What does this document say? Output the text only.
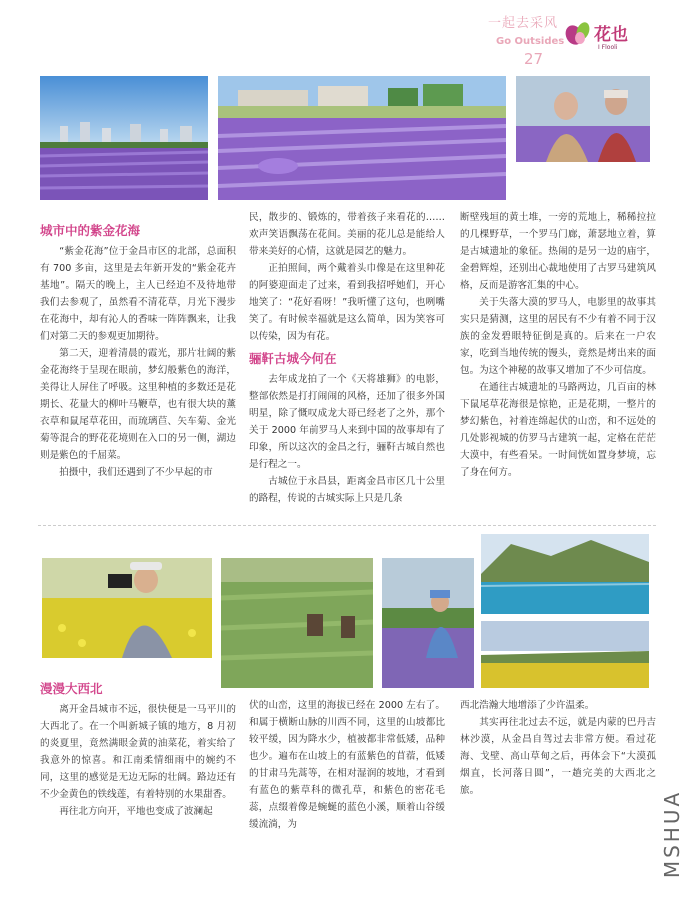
一起去采风
Go Outsides
27
花也
I Flooli
城市中的紫金花海

“紫金花海”位于金昌市区的北部，总面积有 700 多亩，这里是去年新开发的“紫金花卉基地”。隔天的晚上，主人已经迫不及待地带我们去参观了，虽然看不清花草，月光下漫步在花海中，却有沁人的香味一阵阵飘来，让我们对第二天的参观更加期待。

第二天，迎着清晨的霞光，那片壮阔的紫金花海终于呈现在眼前，梦幻般紫色的海洋，美得让人屏住了呼吸。这里种植的多数还是花期长、花量大的柳叶马鞭草，也有很大块的薰衣草和鼠尾草花田，而琉璃苣、矢车菊、金光菊等混合的野花花境则在入口的另一侧，湖边则是紫色的千屈菜。

拍摄中，我们还遇到了不少早起的市

民，散步的、锻炼的，带着孩子来看花的……欢声笑语飘荡在花间。美丽的花儿总是能给人带来美好的心情，这就是园艺的魅力。

正拍照间，两个戴着头巾像是在这里种花的阿婆迎面走了过来，看到我招呼她们，开心地笑了：“花好看呀！”我听懂了这句，也咧嘴笑了。有时候幸福就是这么简单，因为笑容可以传染，因为有花。

骊靬古城今何在

去年成龙拍了一个《天将雄狮》的电影，整部依然是打打闹闹的风格，还加了很多外国明星，除了慨叹成龙大哥已经老了之外，那个关于 2000 年前罗马人来到中国的故事却有了印象，所以这次的金昌之行，骊靬古城自然也是行程之一。

古城位于永昌县，距离金昌市区几十公里的路程，传说的古城实际上只是几条

断壁残垣的黄土堆，一旁的荒地上，稀稀拉拉的几棵野草，一个罗马门廊，萧瑟地立着，算是古城遗址的象征。热闹的是另一边的庙宇，金碧辉煌，还别出心裁地使用了古罗马建筑风格，反而是游客汇集的中心。

关于失落大漠的罗马人，电影里的故事其实只是猜测，这里的居民有不少有着不同于汉族的金发碧眼特征倒是真的。后来在一户农家，吃到当地传统的馒头，竟然是烤出来的面包。为这个神秘的故事又增加了不少可信度。

在通往古城遗址的马路两边，几百亩的林下鼠尾草花海很是惊艳，正是花期，一整片的梦幻紫色，衬着连绵起伏的山峦，和不远处的几处影视城的仿罗马古建筑一起，定格在茫茫大漠中，有些看呆。一时间恍如置身梦境，忘了身在何方。

漫漫大西北

离开金昌城市不远，很快便是一马平川的大西北了。在一个叫新城子镇的地方，8 月初的炎夏里，竟然满眼金黄的油菜花，着实给了我意外的惊喜。和江南柔情细雨中的婉约不同，这里的感觉是无边无际的壮阔。路边还有不少金黄色的铁线莲，有着特别的水果甜香。

再往北方向开，平地也变成了波澜起

伏的山峦，这里的海拔已经在 2000 左右了。和属于横断山脉的川西不同，这里的山坡都比较平缓，因为降水少，植被都非常低矮，品种也少。遍布在山坡上的有蓝紫色的苜蓿，低矮的甘肃马先蒿等，在相对湿润的坡地，才看到有蓝色的紫草科的微孔草，和紫色的密花毛蕊，点缀着像是蜿蜒的蓝色小溪，顺着山谷缓缓流淌，为

西北浩瀚大地增添了少许温柔。

其实再往北过去不远，就是内蒙的巴丹吉林沙漠，从金昌自驾过去非常方便。看过花海、戈壁、高山草甸之后，再体会下“大漠孤烟直，长河落日圆”，一趟完美的大西北之旅。	MSHUA
